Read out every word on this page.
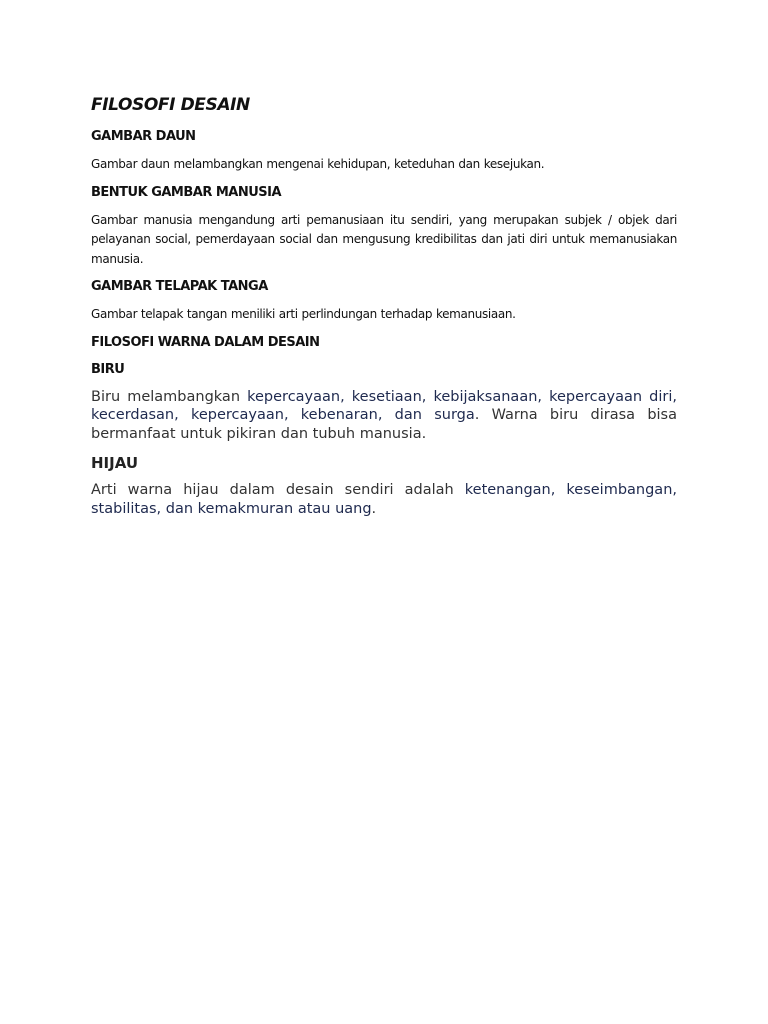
FILOSOFI DESAIN
GAMBAR DAUN

Gambar daun melambangkan mengenai kehidupan, keteduhan dan kesejukan.

BENTUK GAMBAR MANUSIA

Gambar manusia mengandung arti pemanusiaan itu sendiri, yang merupakan subjek / objek dari pelayanan social, pemerdayaan social dan mengusung kredibilitas dan jati diri untuk memanusiakan manusia.

GAMBAR TELAPAK TANGA

Gambar telapak tangan meniliki arti perlindungan terhadap kemanusiaan.

FILOSOFI WARNA DALAM DESAIN
BIRU

Biru melambangkan kepercayaan, kesetiaan, kebijaksanaan, kepercayaan diri, kecerdasan, kepercayaan, kebenaran, dan surga. Warna biru dirasa bisa bermanfaat untuk pikiran dan tubuh manusia.

HIJAU

Arti warna hijau dalam desain sendiri adalah ketenangan, keseimbangan, stabilitas, dan kemakmuran atau uang.
